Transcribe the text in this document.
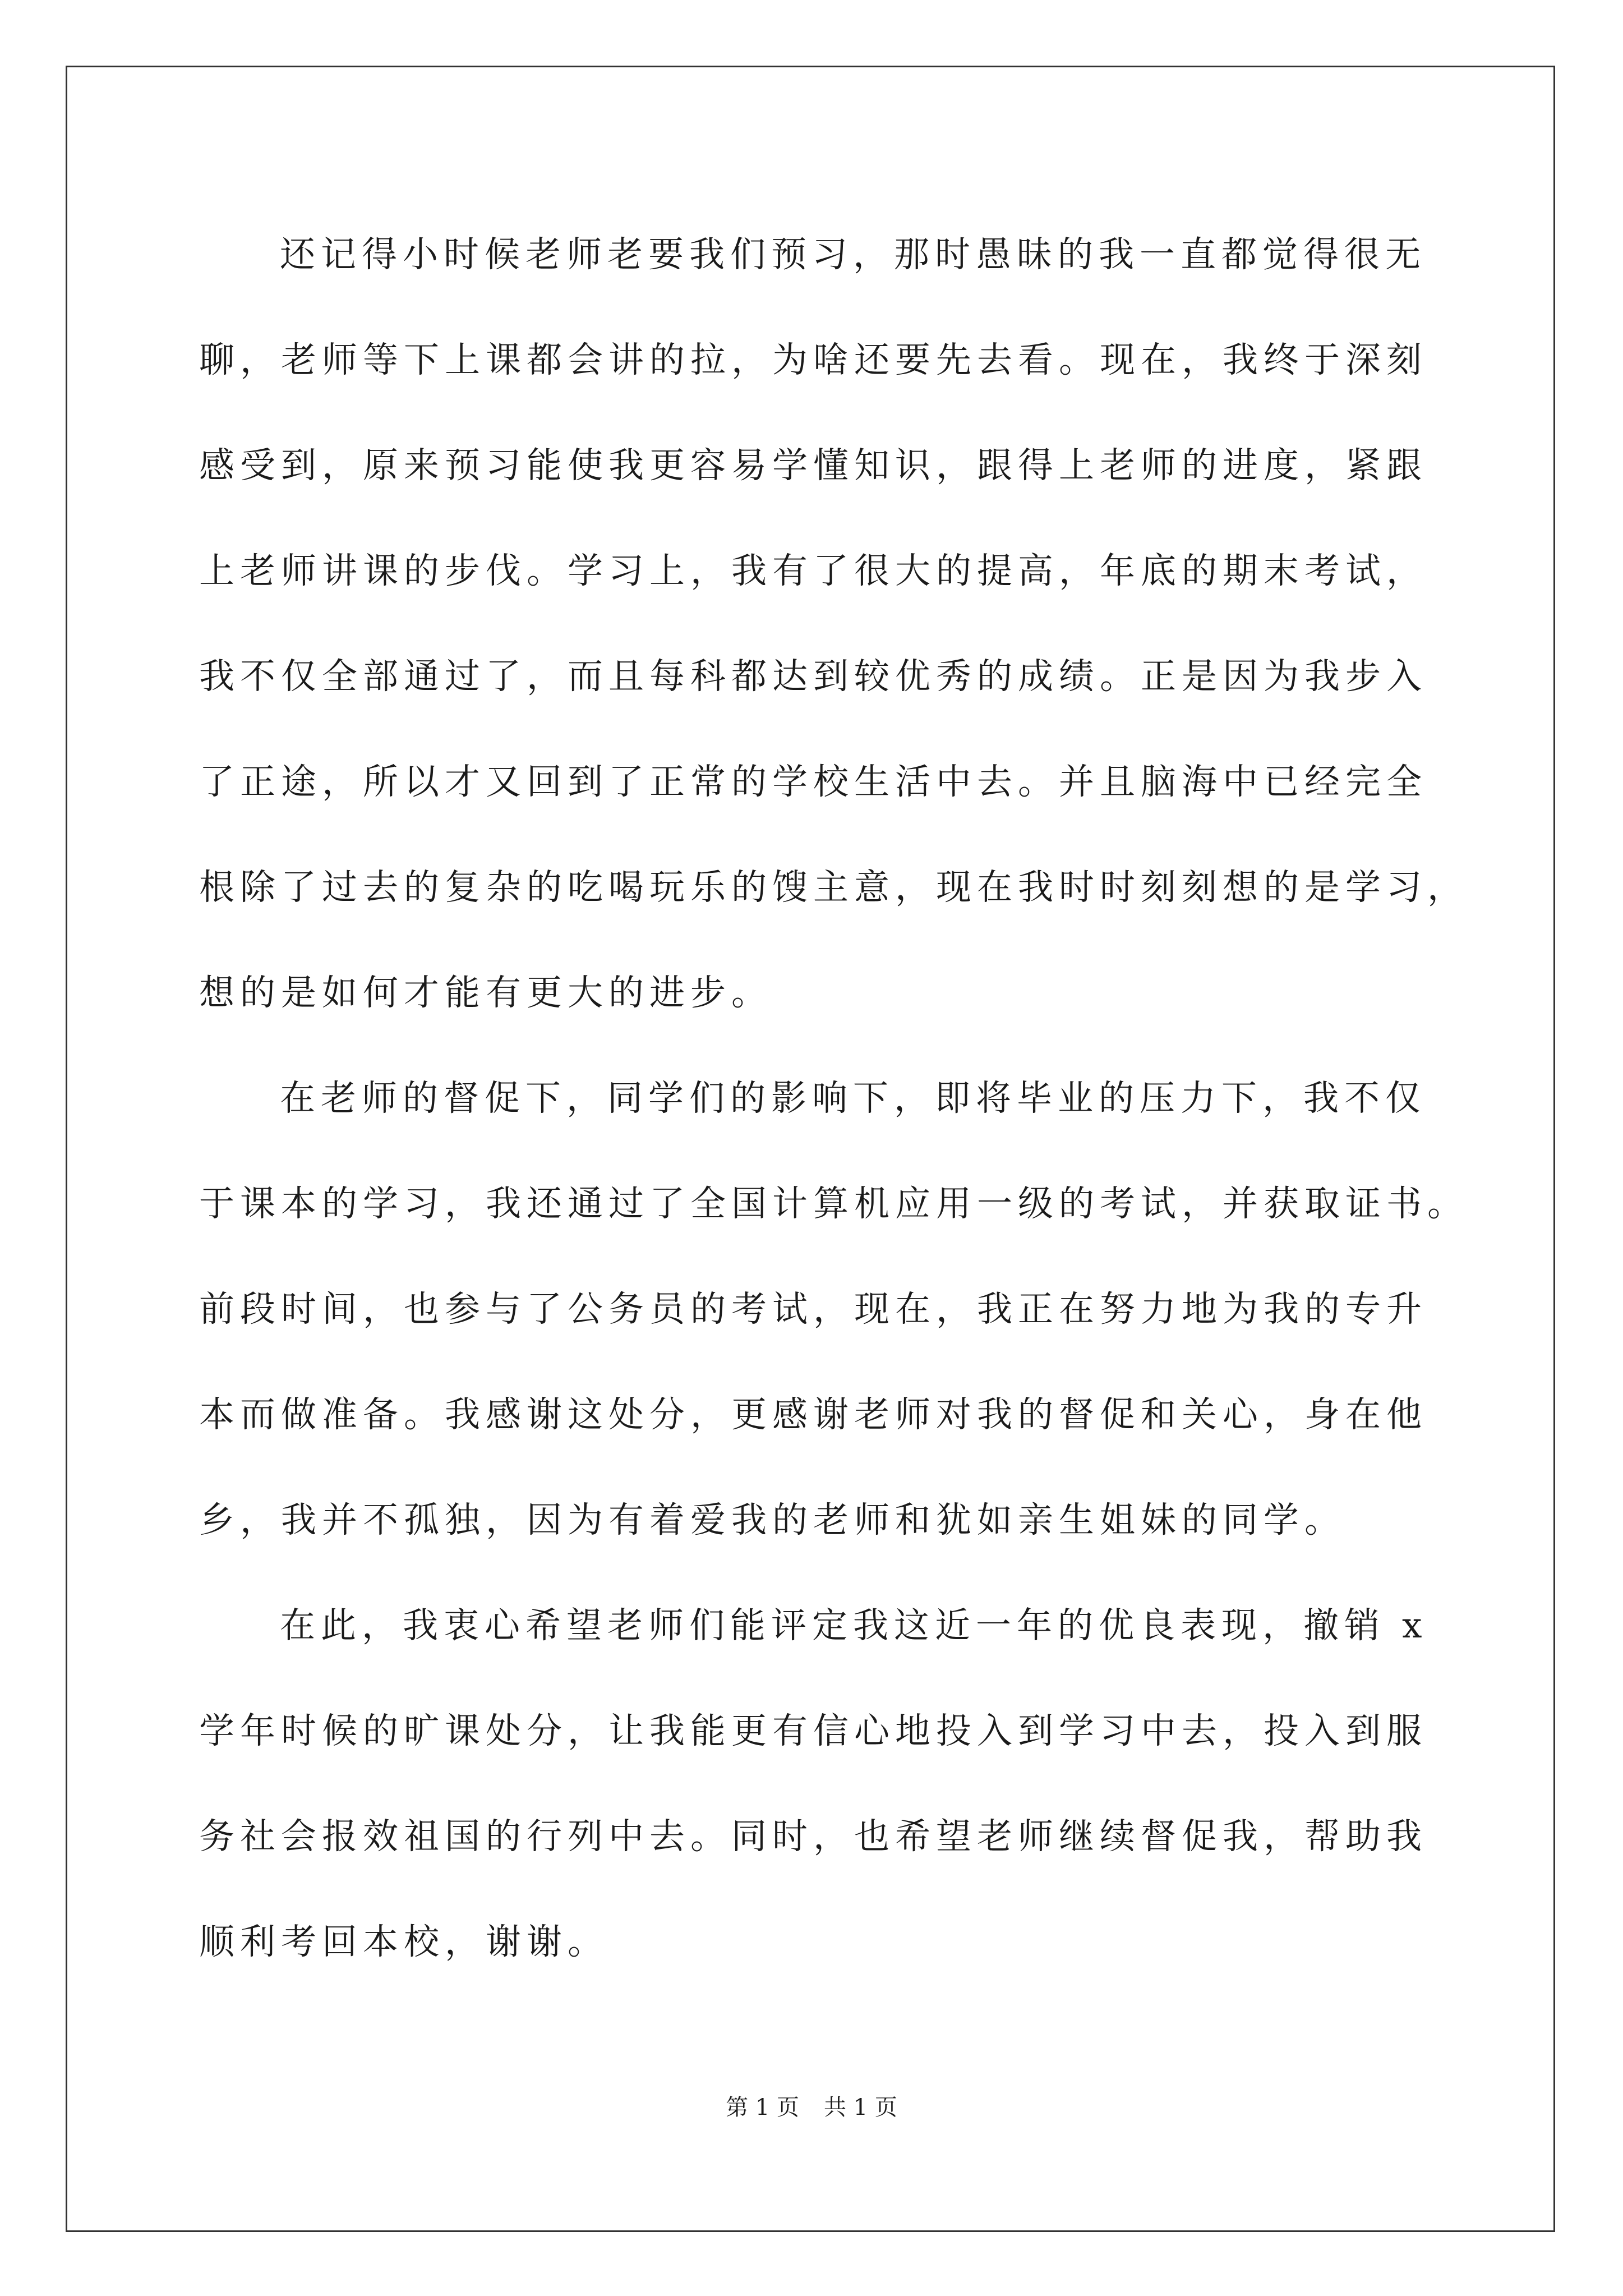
还记得小时候老师老要我们预习，那时愚昧的我一直都觉得很无
聊，老师等下上课都会讲的拉，为啥还要先去看。现在，我终于深刻
感受到，原来预习能使我更容易学懂知识，跟得上老师的进度，紧跟
上老师讲课的步伐。学习上，我有了很大的提高，年底的期末考试，
我不仅全部通过了，而且每科都达到较优秀的成绩。正是因为我步入
了正途，所以才又回到了正常的学校生活中去。并且脑海中已经完全
根除了过去的复杂的吃喝玩乐的馊主意，现在我时时刻刻想的是学习，
想的是如何才能有更大的进步。
在老师的督促下，同学们的影响下，即将毕业的压力下，我不仅
于课本的学习，我还通过了全国计算机应用一级的考试，并获取证书。
前段时间，也参与了公务员的考试，现在，我正在努力地为我的专升
本而做准备。我感谢这处分，更感谢老师对我的督促和关心，身在他
乡，我并不孤独，因为有着爱我的老师和犹如亲生姐妹的同学。
在此，我衷心希望老师们能评定我这近一年的优良表现，撤销 x
学年时候的旷课处分，让我能更有信心地投入到学习中去，投入到服
务社会报效祖国的行列中去。同时，也希望老师继续督促我，帮助我
顺利考回本校，谢谢。
第 1 页 共 1 页
